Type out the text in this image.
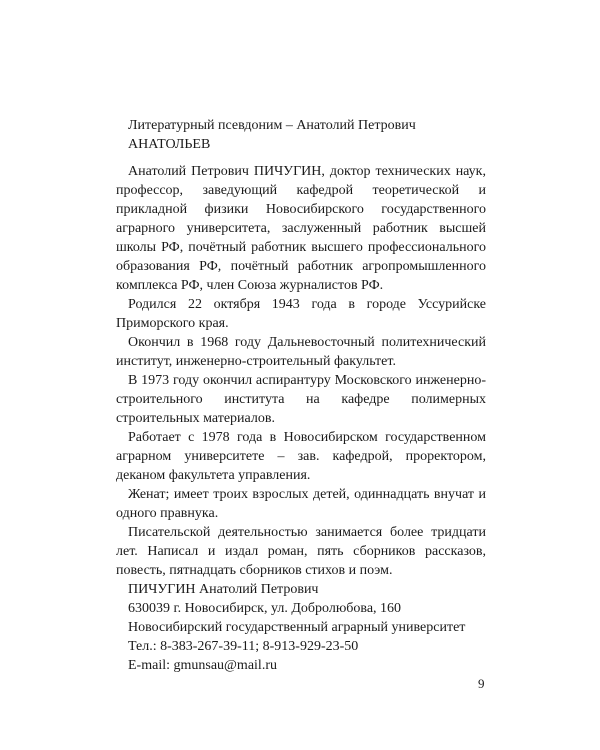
Литературный псевдоним – Анатолий Петрович
АНАТОЛЬЕВ

Анатолий Петрович ПИЧУГИН, доктор технических наук, профессор, заведующий кафедрой теоретической и прикладной физики Новосибирского государственного аграрного университета, заслуженный работник высшей школы РФ, почётный работник высшего профессионального образования РФ, почётный работник агропромышленного комплекса РФ, член Союза журналистов РФ.

Родился 22 октября 1943 года в городе Уссурийске Приморского края.

Окончил в 1968 году Дальневосточный политехнический институт, инженерно-строительный факультет.

В 1973 году окончил аспирантуру Московского инженерно-строительного института на кафедре полимерных строительных материалов.

Работает с 1978 года в Новосибирском государственном аграрном университете – зав. кафедрой, проректором, деканом факультета управления.

Женат; имеет троих взрослых детей, одиннадцать внучат и одного правнука.

Писательской деятельностью занимается более тридцати лет. Написал и издал роман, пять сборников рассказов, повесть, пятнадцать сборников стихов и поэм.

ПИЧУГИН Анатолий Петрович

630039 г. Новосибирск, ул. Добролюбова, 160

Новосибирский государственный аграрный университет

Тел.: 8-383-267-39-11; 8-913-929-23-50

E-mail: gmunsau@mail.ru

9
